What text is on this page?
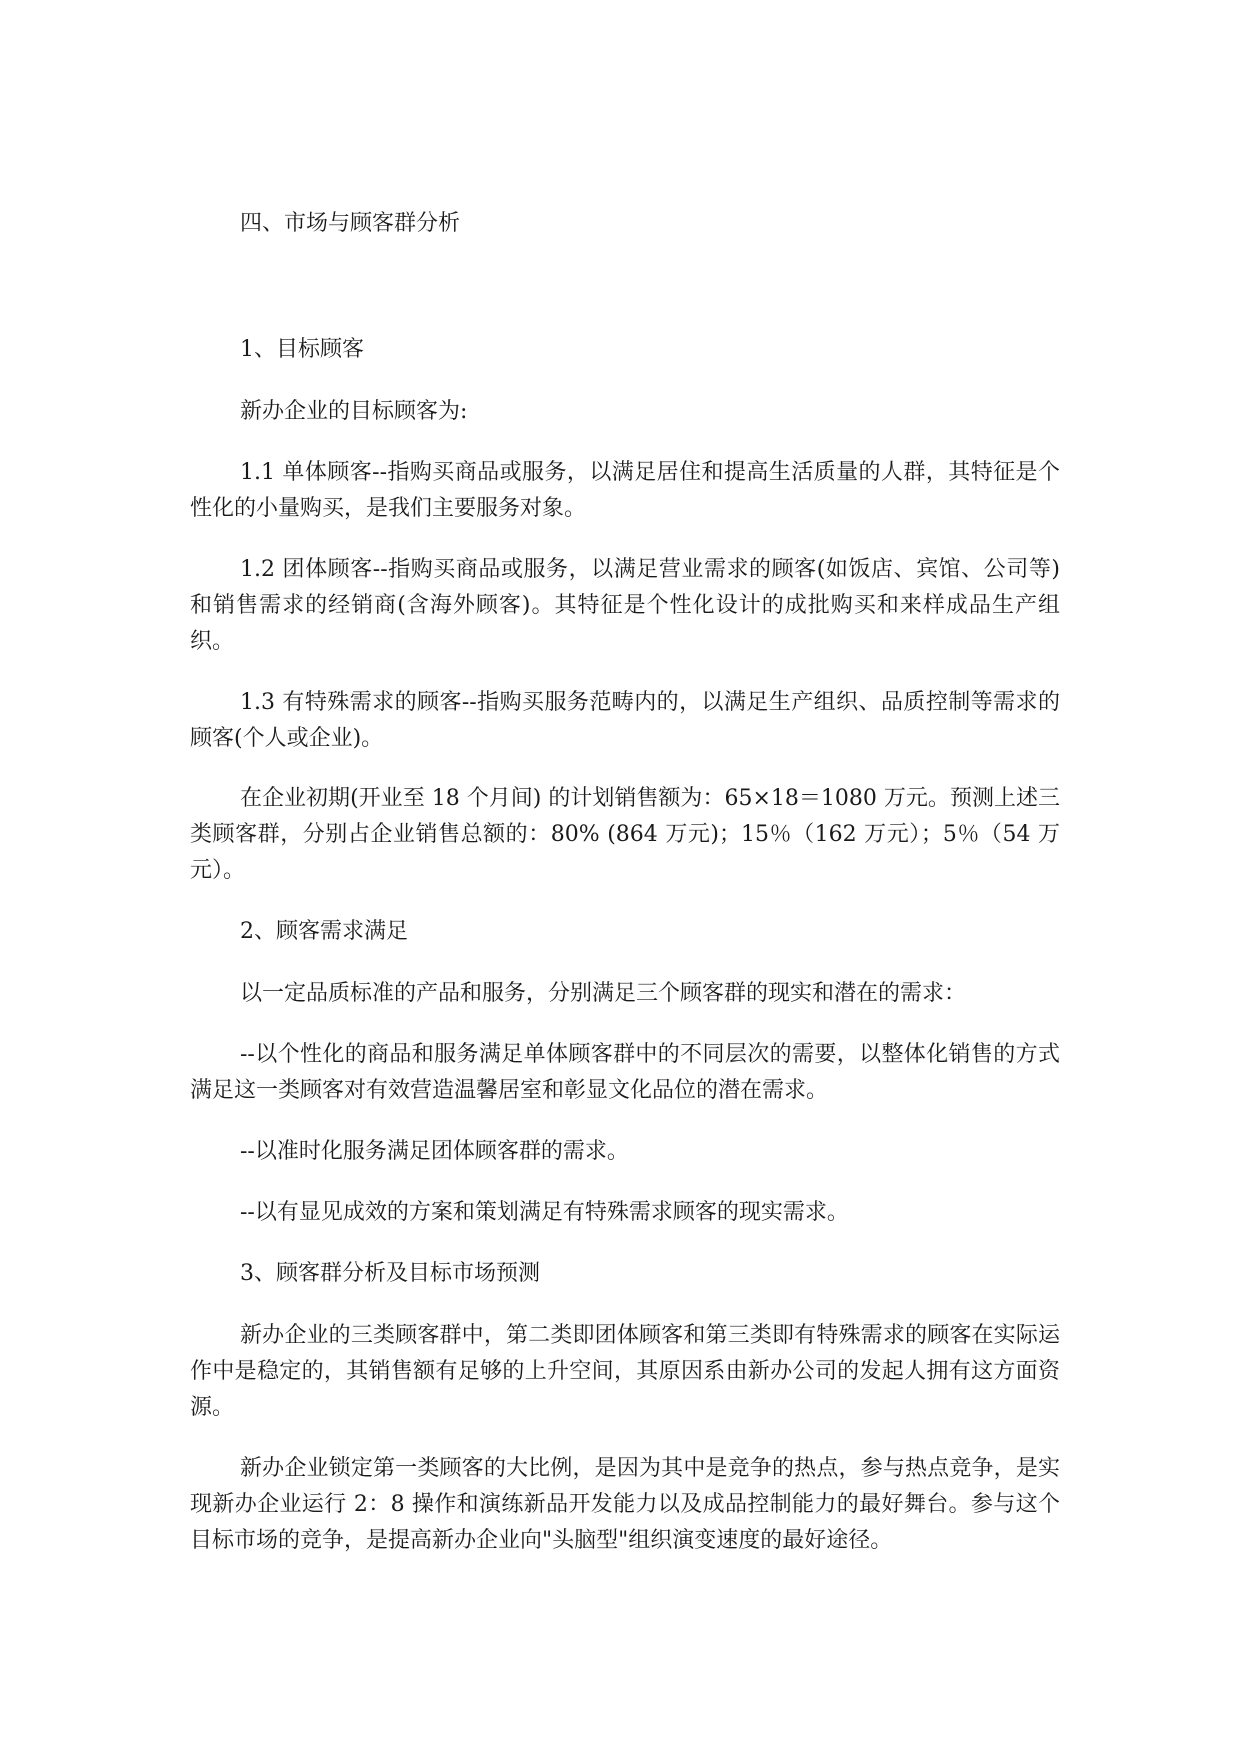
四、市场与顾客群分析
1、目标顾客
新办企业的目标顾客为:

1.1 单体顾客--指购买商品或服务，以满足居住和提高生活质量的人群，其特征是个性化的小量购买，是我们主要服务对象。

1.2 团体顾客--指购买商品或服务，以满足营业需求的顾客(如饭店、宾馆、公司等)和销售需求的经销商(含海外顾客)。其特征是个性化设计的成批购买和来样成品生产组织。

1.3 有特殊需求的顾客--指购买服务范畴内的，以满足生产组织、品质控制等需求的顾客(个人或企业)。

在企业初期(开业至 18 个月间) 的计划销售额为：65×18＝1080 万元。预测上述三类顾客群，分别占企业销售总额的：80% (864 万元)；15％（162 万元）；5％（54 万元）。

2、顾客需求满足
以一定品质标准的产品和服务，分别满足三个顾客群的现实和潜在的需求：

--以个性化的商品和服务满足单体顾客群中的不同层次的需要，以整体化销售的方式满足这一类顾客对有效营造温馨居室和彰显文化品位的潜在需求。

--以准时化服务满足团体顾客群的需求。
--以有显见成效的方案和策划满足有特殊需求顾客的现实需求。
3、顾客群分析及目标市场预测

新办企业的三类顾客群中，第二类即团体顾客和第三类即有特殊需求的顾客在实际运作中是稳定的，其销售额有足够的上升空间，其原因系由新办公司的发起人拥有这方面资源。

新办企业锁定第一类顾客的大比例，是因为其中是竞争的热点，参与热点竞争，是实现新办企业运行 2：8 操作和演练新品开发能力以及成品控制能力的最好舞台。参与这个目标市场的竞争，是提高新办企业向"头脑型"组织演变速度的最好途径。
